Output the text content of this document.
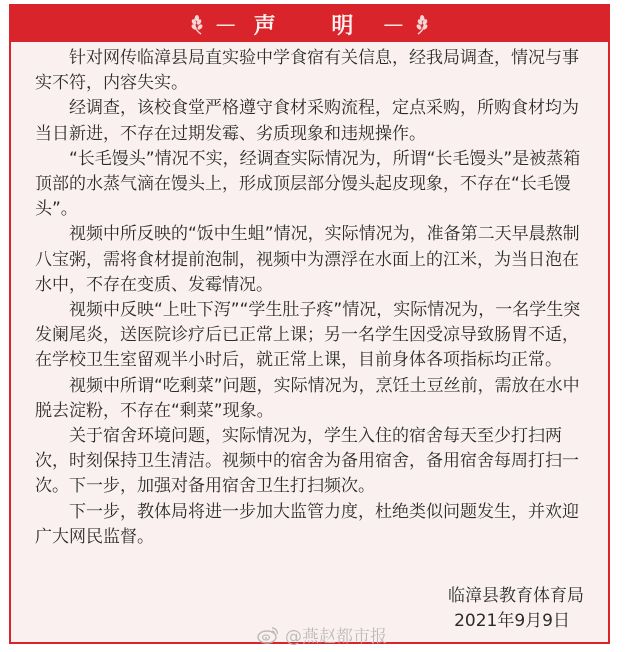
— 声 明 —

针对网传临漳县局直实验中学食宿有关信息，经我局调查，情况与事实不符，内容失实。

经调查，该校食堂严格遵守食材采购流程，定点采购，所购食材均为当日新进，不存在过期发霉、劣质现象和违规操作。

“长毛馒头”情况不实，经调查实际情况为，所谓“长毛馒头”是被蒸箱顶部的水蒸气滴在馒头上，形成顶层部分馒头起皮现象，不存在“长毛馒头”。

视频中所反映的“饭中生蛆”情况，实际情况为，准备第二天早晨熬制八宝粥，需将食材提前泡制，视频中为漂浮在水面上的江米，为当日泡在水中，不存在变质、发霉情况。

视频中反映“上吐下泻”“学生肚子疼”情况，实际情况为，一名学生突发阑尾炎，送医院诊疗后已正常上课；另一名学生因受凉导致肠胃不适，在学校卫生室留观半小时后，就正常上课，目前身体各项指标均正常。

视频中所谓“吃剩菜”问题，实际情况为，烹饪土豆丝前，需放在水中脱去淀粉，不存在“剩菜”现象。

关于宿舍环境问题，实际情况为，学生入住的宿舍每天至少打扫两次，时刻保持卫生清洁。视频中的宿舍为备用宿舍，备用宿舍每周打扫一次。下一步，加强对备用宿舍卫生打扫频次。

下一步，教体局将进一步加大监管力度，杜绝类似问题发生，并欢迎广大网民监督。

临漳县教育体育局
2021年9月9日
@燕赵都市报
